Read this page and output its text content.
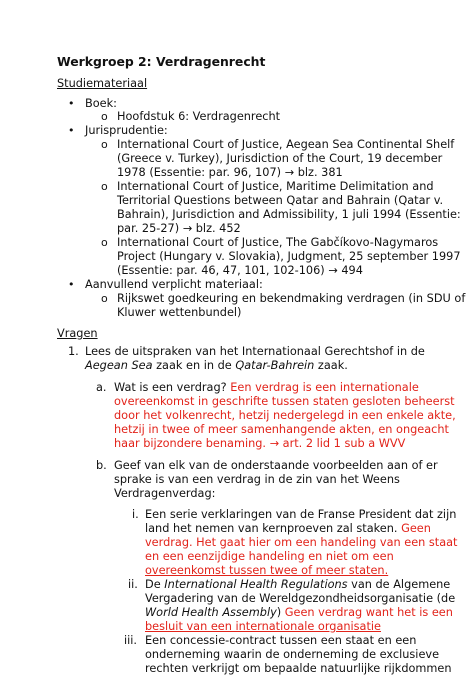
Werkgroep 2: Verdragenrecht
Studiemateriaal
• Boek:
o Hoofdstuk 6: Verdragenrecht
• Jurisprudentie:
o International Court of Justice, Aegean Sea Continental Shelf
(Greece v. Turkey), Jurisdiction of the Court, 19 december
1978 (Essentie: par. 96, 107) → blz. 381
o International Court of Justice, Maritime Delimitation and
Territorial Questions between Qatar and Bahrain (Qatar v.
Bahrain), Jurisdiction and Admissibility, 1 juli 1994 (Essentie:
par. 25-27) → blz. 452
o International Court of Justice, The Gabčíkovo-Nagymaros
Project (Hungary v. Slovakia), Judgment, 25 september 1997
(Essentie: par. 46, 47, 101, 102-106) → 494
• Aanvullend verplicht materiaal:
o Rijkswet goedkeuring en bekendmaking verdragen (in SDU of
Kluwer wettenbundel)
Vragen
1. Lees de uitspraken van het Internationaal Gerechtshof in de
Aegean Sea zaak en in de Qatar-Bahrein zaak.
a. Wat is een verdrag? Een verdrag is een internationale
overeenkomst in geschrifte tussen staten gesloten beheerst
door het volkenrecht, hetzij nedergelegd in een enkele akte,
hetzij in twee of meer samenhangende akten, en ongeacht
haar bijzondere benaming. → art. 2 lid 1 sub a WVV
b. Geef van elk van de onderstaande voorbeelden aan of er
sprake is van een verdrag in de zin van het Weens
Verdragenverdag:
i. Een serie verklaringen van de Franse President dat zijn
land het nemen van kernproeven zal staken. Geen
verdrag. Het gaat hier om een handeling van een staat
en een eenzijdige handeling en niet om een
overeenkomst tussen twee of meer staten.
ii. De International Health Regulations van de Algemene
Vergadering van de Wereldgezondheidsorganisatie (de
World Health Assembly) Geen verdrag want het is een
besluit van een internationale organisatie
iii. Een concessie-contract tussen een staat en een
onderneming waarin de onderneming de exclusieve
rechten verkrijgt om bepaalde natuurlijke rijkdommen
